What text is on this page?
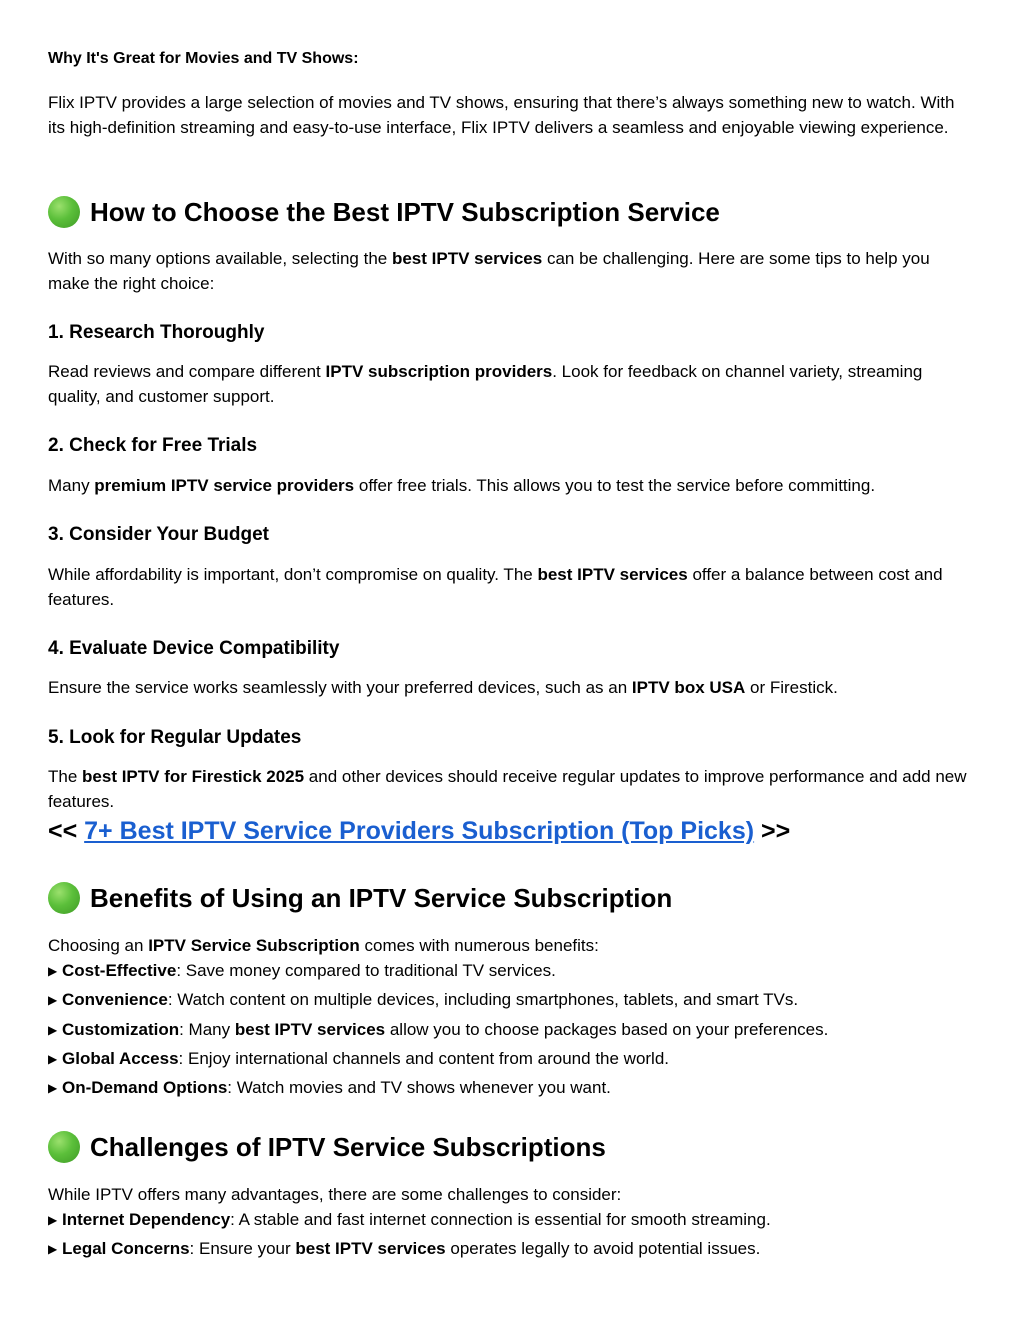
Why It's Great for Movies and TV Shows:

Flix IPTV provides a large selection of movies and TV shows, ensuring that there’s always something new to watch. With its high-definition streaming and easy-to-use interface, Flix IPTV delivers a seamless and enjoyable viewing experience.

How to Choose the Best IPTV Subscription Service

With so many options available, selecting the best IPTV services can be challenging. Here are some tips to help you make the right choice:

1. Research Thoroughly

Read reviews and compare different IPTV subscription providers. Look for feedback on channel variety, streaming quality, and customer support.

2. Check for Free Trials

Many premium IPTV service providers offer free trials. This allows you to test the service before committing.

3. Consider Your Budget

While affordability is important, don’t compromise on quality. The best IPTV services offer a balance between cost and features.

4. Evaluate Device Compatibility

Ensure the service works seamlessly with your preferred devices, such as an IPTV box USA or Firestick.

5. Look for Regular Updates

The best IPTV for Firestick 2025 and other devices should receive regular updates to improve performance and add new features.

<< 7+ Best IPTV Service Providers Subscription (Top Picks) >>
Benefits of Using an IPTV Service Subscription

Choosing an IPTV Service Subscription comes with numerous benefits:

▶ Cost-Effective: Save money compared to traditional TV services.
▶ Convenience: Watch content on multiple devices, including smartphones, tablets, and smart TVs.
▶ Customization: Many best IPTV services allow you to choose packages based on your preferences.
▶ Global Access: Enjoy international channels and content from around the world.
▶ On-Demand Options: Watch movies and TV shows whenever you want.
Challenges of IPTV Service Subscriptions

While IPTV offers many advantages, there are some challenges to consider:

▶ Internet Dependency: A stable and fast internet connection is essential for smooth streaming.
▶ Legal Concerns: Ensure your best IPTV services operates legally to avoid potential issues.
